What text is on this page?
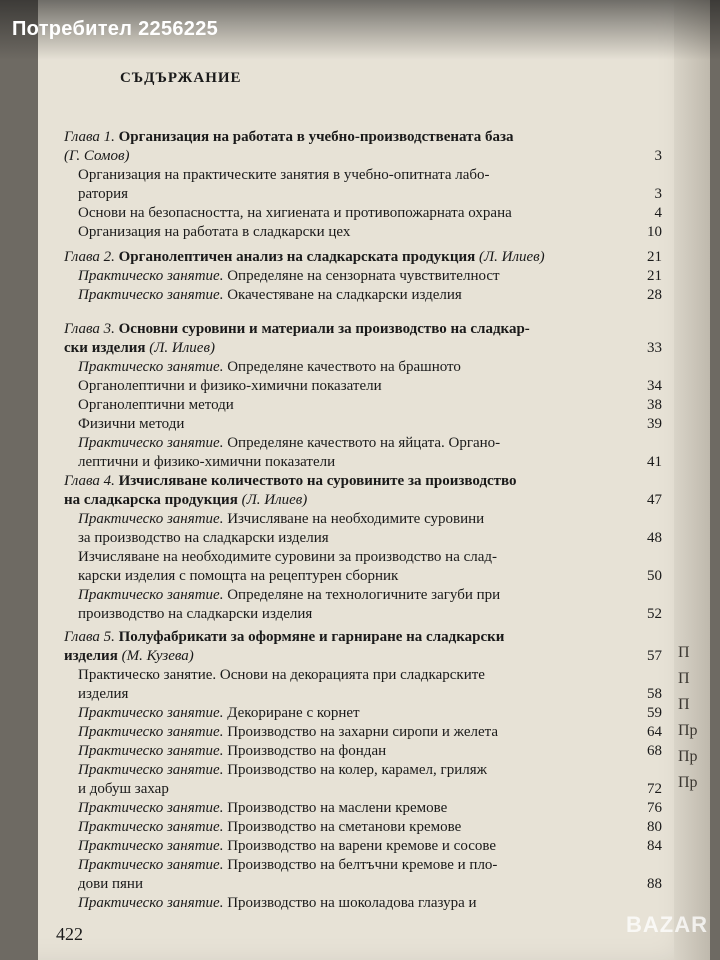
П
П
П
Пр
Пр
Пр
СЪДЪРЖАНИЕ
Глава 1. Организация на работата в учебно-производствената база
(Г. Сомов)	3
Организация на практическите занятия в учебно-опитната лабо-
ратория	3
Основи на безопасността, на хигиената и противопожарната охрана	4
Организация на работата в сладкарски цех	10
Глава 2. Органолептичен анализ на сладкарската продукция (Л. Илиев)	21
Практическо занятие. Определяне на сензорната чувствителност	21
Практическо занятие. Окачестяване на сладкарски изделия	28
Глава 3. Основни суровини и материали за производство на сладкар-
ски изделия (Л. Илиев)	33
Практическо занятие. Определяне качеството на брашното
Органолептични и физико-химични показатели	34
Органолептични методи	38
Физични методи	39
Практическо занятие. Определяне качеството на яйцата. Органо-
лептични и физико-химични показатели	41
Глава 4. Изчисляване количеството на суровините за производство
на сладкарска продукция (Л. Илиев)	47
Практическо занятие. Изчисляване на необходимите суровини
за производство на сладкарски изделия	48
Изчисляване на необходимите суровини за производство на слад-
карски изделия с помощта на рецептурен сборник	50
Практическо занятие. Определяне на технологичните загуби при
производство на сладкарски изделия	52
Глава 5. Полуфабрикати за оформяне и гарниране на сладкарски
изделия (М. Кузева)	57
Практическо занятие. Основи на декорацията при сладкарските
изделия	58
Практическо занятие. Декориране с корнет	59
Практическо занятие. Производство на захарни сиропи и желета	64
Практическо занятие. Производство на фондан	68
Практическо занятие. Производство на колер, карамел, гриляж
и добуш захар	72
Практическо занятие. Производство на маслени кремове	76
Практическо занятие. Производство на сметанови кремове	80
Практическо занятие. Производство на варени кремове и сосове	84
Практическо занятие. Производство на белтъчни кремове и пло-
дови пяни	88
Практическо занятие. Производство на шоколадова глазура и
422
Потребител 2256225
BAZAR
